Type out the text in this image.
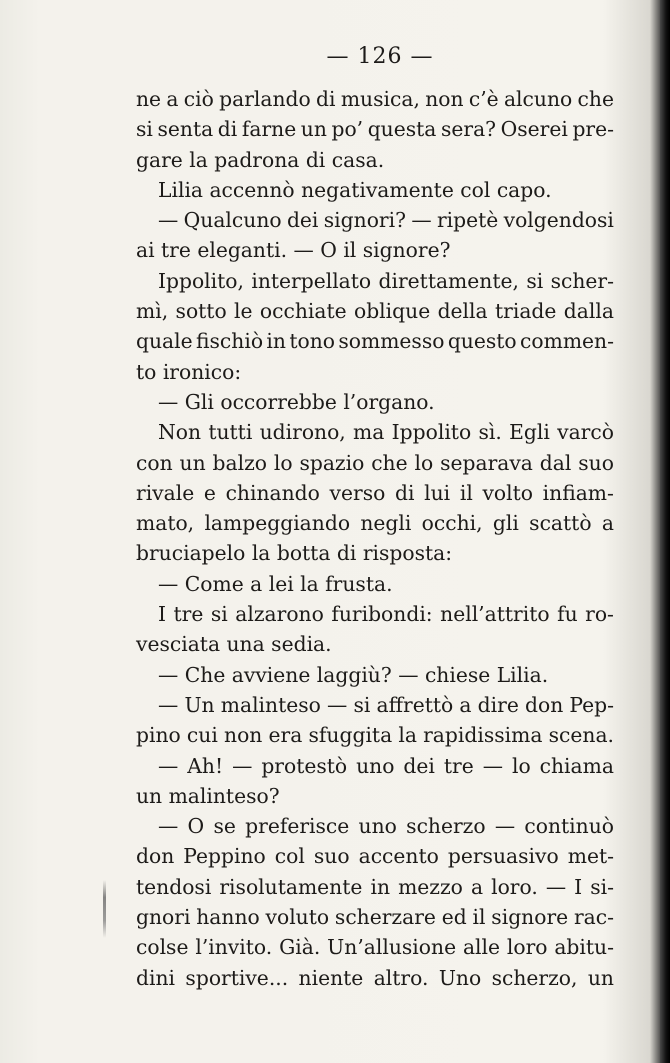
— 126 —
ne a ciò parlando di musica, non c’è alcuno che
si senta di farne un po’ questa sera? Oserei pre-
gare la padrona di casa.
Lilia accennò negativamente col capo.
— Qualcuno dei signori? — ripetè volgendosi
ai tre eleganti. — O il signore?
Ippolito, interpellato direttamente, si scher-
mì, sotto le occhiate oblique della triade dalla
quale fischiò in tono sommesso questo commen-
to ironico:
— Gli occorrebbe l’organo.
Non tutti udirono, ma Ippolito sì. Egli varcò
con un balzo lo spazio che lo separava dal suo
rivale e chinando verso di lui il volto infiam-
mato, lampeggiando negli occhi, gli scattò a
bruciapelo la botta di risposta:
— Come a lei la frusta.
I tre si alzarono furibondi: nell’attrito fu ro-
vesciata una sedia.
— Che avviene laggiù? — chiese Lilia.
— Un malinteso — si affrettò a dire don Pep-
pino cui non era sfuggita la rapidissima scena.
— Ah! — protestò uno dei tre — lo chiama
un malinteso?
— O se preferisce uno scherzo — continuò
don Peppino col suo accento persuasivo met-
tendosi risolutamente in mezzo a loro. — I si-
gnori hanno voluto scherzare ed il signore rac-
colse l’invito. Già. Un’allusione alle loro abitu-
dini sportive... niente altro. Uno scherzo, un
